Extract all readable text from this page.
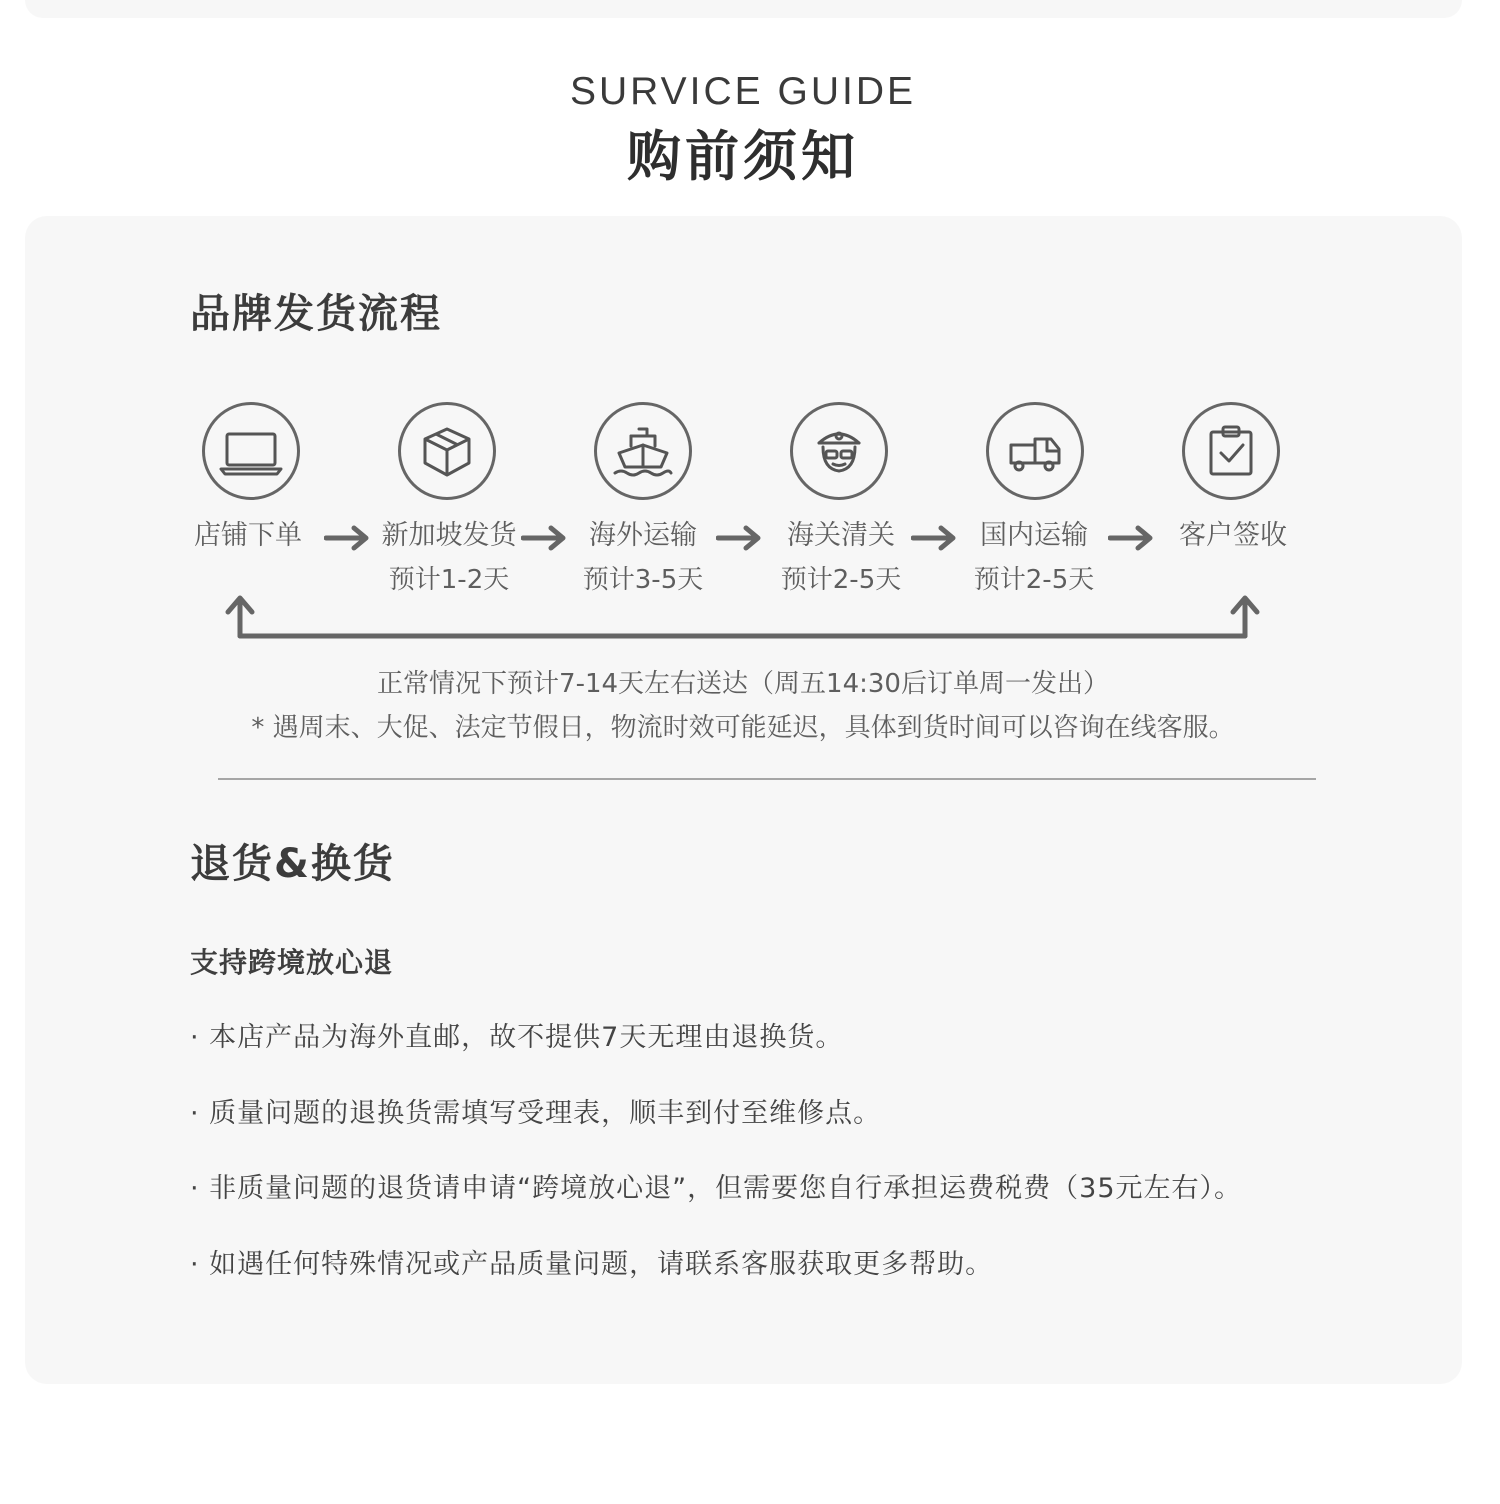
SURVICE GUIDE
购前须知
品牌发货流程
店铺下单	新加坡发货
预计1-2天
海外运输
预计3-5天
海关清关
预计2-5天
国内运输
预计2-5天
客户签收
正常情况下预计7-14天左右送达（周五14:30后订单周一发出）
* 遇周末、大促、法定节假日，物流时效可能延迟，具体到货时间可以咨询在线客服。
退货&换货
支持跨境放心退
· 本店产品为海外直邮，故不提供7天无理由退换货。
· 质量问题的退换货需填写受理表，顺丰到付至维修点。
· 非质量问题的退货请申请“跨境放心退”，但需要您自行承担运费税费（35元左右）。
· 如遇任何特殊情况或产品质量问题，请联系客服获取更多帮助。
